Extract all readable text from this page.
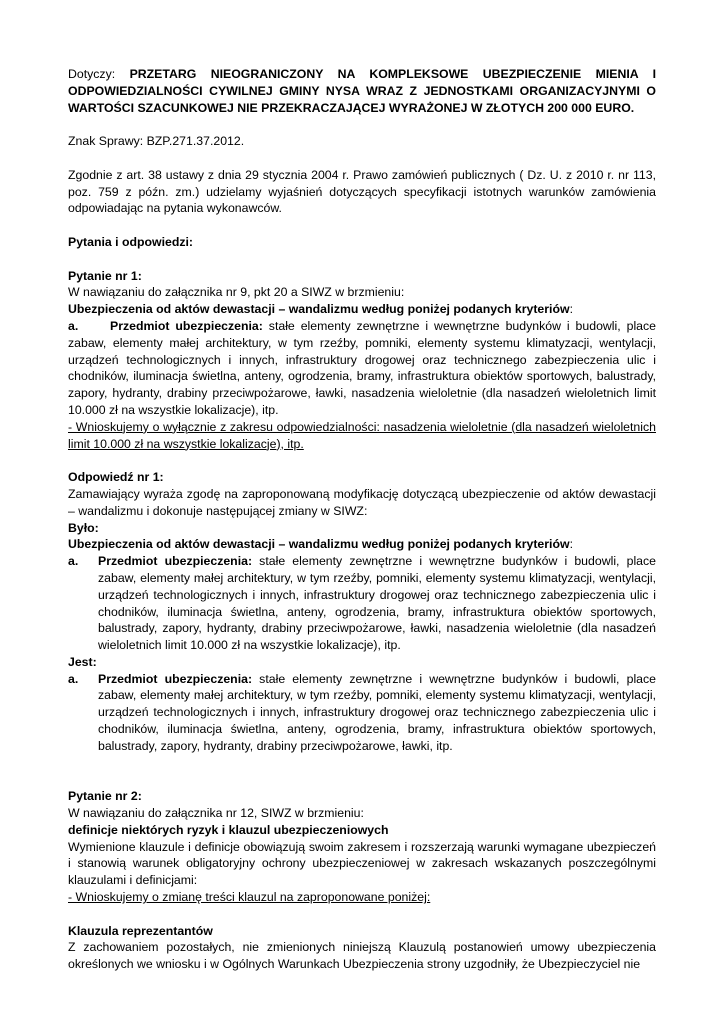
Dotyczy: PRZETARG NIEOGRANICZONY NA KOMPLEKSOWE UBEZPIECZENIE MIENIA I ODPOWIEDZIALNOŚCI CYWILNEJ GMINY NYSA WRAZ Z JEDNOSTKAMI ORGANIZACYJNYMI O WARTOŚCI SZACUNKOWEJ NIE PRZEKRACZAJĄCEJ WYRAŻONEJ W ZŁOTYCH 200 000 EURO.

Znak Sprawy: BZP.271.37.2012.

Zgodnie z art. 38 ustawy z dnia 29 stycznia 2004 r. Prawo zamówień publicznych ( Dz. U. z 2010 r. nr 113, poz. 759 z późn. zm.) udzielamy wyjaśnień dotyczących specyfikacji istotnych warunków zamówienia odpowiadając na pytania wykonawców.

Pytania i odpowiedzi:

Pytanie nr 1:

W nawiązaniu do załącznika nr 9, pkt 20 a SIWZ w brzmieniu:

Ubezpieczenia od aktów dewastacji – wandalizmu według poniżej podanych kryteriów:

a.	Przedmiot ubezpieczenia: stałe elementy zewnętrzne i wewnętrzne budynków i budowli, place zabaw, elementy małej architektury, w tym rzeźby, pomniki, elementy systemu klimatyzacji, wentylacji, urządzeń technologicznych i innych, infrastruktury drogowej oraz technicznego zabezpieczenia ulic i chodników, iluminacja świetlna, anteny, ogrodzenia, bramy, infrastruktura obiektów sportowych, balustrady, zapory, hydranty, drabiny przeciwpożarowe, ławki, nasadzenia wieloletnie (dla nasadzeń wieloletnich limit 10.000 zł na wszystkie lokalizacje), itp.

- Wnioskujemy o wyłącznie z zakresu odpowiedzialności: nasadzenia wieloletnie (dla nasadzeń wieloletnich limit 10.000 zł na wszystkie lokalizacje), itp.

Odpowiedź nr 1:

Zamawiający wyraża zgodę na zaproponowaną modyfikację dotyczącą ubezpieczenie od aktów dewastacji – wandalizmu i dokonuje następującej zmiany w SIWZ:

Było:

Ubezpieczenia od aktów dewastacji – wandalizmu według poniżej podanych kryteriów:

a. Przedmiot ubezpieczenia: stałe elementy zewnętrzne i wewnętrzne budynków i budowli, place zabaw, elementy małej architektury, w tym rzeźby, pomniki, elementy systemu klimatyzacji, wentylacji, urządzeń technologicznych i innych, infrastruktury drogowej oraz technicznego zabezpieczenia ulic i chodników, iluminacja świetlna, anteny, ogrodzenia, bramy, infrastruktura obiektów sportowych, balustrady, zapory, hydranty, drabiny przeciwpożarowe, ławki, nasadzenia wieloletnie (dla nasadzeń wieloletnich limit 10.000 zł na wszystkie lokalizacje), itp.

Jest:

a. Przedmiot ubezpieczenia: stałe elementy zewnętrzne i wewnętrzne budynków i budowli, place zabaw, elementy małej architektury, w tym rzeźby, pomniki, elementy systemu klimatyzacji, wentylacji, urządzeń technologicznych i innych, infrastruktury drogowej oraz technicznego zabezpieczenia ulic i chodników, iluminacja świetlna, anteny, ogrodzenia, bramy, infrastruktura obiektów sportowych, balustrady, zapory, hydranty, drabiny przeciwpożarowe, ławki, itp.

Pytanie nr 2:

W nawiązaniu do załącznika nr 12, SIWZ w brzmieniu:

definicje niektórych ryzyk i klauzul ubezpieczeniowych

Wymienione klauzule i definicje obowiązują swoim zakresem i rozszerzają warunki wymagane ubezpieczeń i stanowią warunek obligatoryjny ochrony ubezpieczeniowej w zakresach wskazanych poszczególnymi klauzulami i definicjami:

- Wnioskujemy o zmianę treści klauzul na zaproponowane poniżej:

Klauzula reprezentantów

Z zachowaniem pozostałych, nie zmienionych niniejszą Klauzulą postanowień umowy ubezpieczenia określonych we wniosku i w Ogólnych Warunkach Ubezpieczenia strony uzgodniły, że Ubezpieczyciel nie
